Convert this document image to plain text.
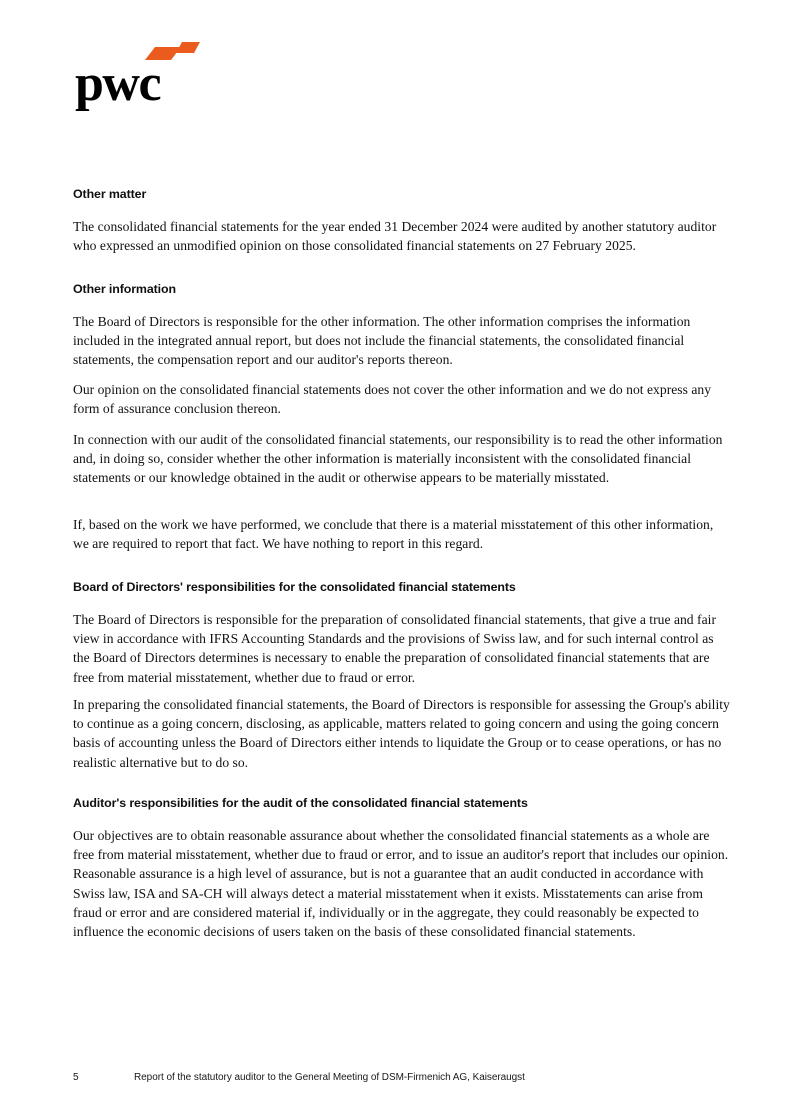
pwc
Other matter

The consolidated financial statements for the year ended 31 December 2024 were audited by another statutory auditor who expressed an unmodified opinion on those consolidated financial statements on 27 February 2025.

Other information

The Board of Directors is responsible for the other information. The other information comprises the information included in the integrated annual report, but does not include the financial statements, the consolidated financial statements, the compensation report and our auditor's reports thereon.

Our opinion on the consolidated financial statements does not cover the other information and we do not express any form of assurance conclusion thereon.

In connection with our audit of the consolidated financial statements, our responsibility is to read the other information and, in doing so, consider whether the other information is materially inconsistent with the consolidated financial statements or our knowledge obtained in the audit or otherwise appears to be materially misstated.

If, based on the work we have performed, we conclude that there is a material misstatement of this other information, we are required to report that fact. We have nothing to report in this regard.

Board of Directors' responsibilities for the consolidated financial statements

The Board of Directors is responsible for the preparation of consolidated financial statements, that give a true and fair view in accordance with IFRS Accounting Standards and the provisions of Swiss law, and for such internal control as the Board of Directors determines is necessary to enable the preparation of consolidated financial statements that are free from material misstatement, whether due to fraud or error.

In preparing the consolidated financial statements, the Board of Directors is responsible for assessing the Group's ability to continue as a going concern, disclosing, as applicable, matters related to going concern and using the going concern basis of accounting unless the Board of Directors either intends to liquidate the Group or to cease operations, or has no realistic alternative but to do so.

Auditor's responsibilities for the audit of the consolidated financial statements

Our objectives are to obtain reasonable assurance about whether the consolidated financial statements as a whole are free from material misstatement, whether due to fraud or error, and to issue an auditor's report that includes our opinion. Reasonable assurance is a high level of assurance, but is not a guarantee that an audit conducted in accordance with Swiss law, ISA and SA-CH will always detect a material misstatement when it exists. Misstatements can arise from fraud or error and are considered material if, individually or in the aggregate, they could reasonably be expected to influence the economic decisions of users taken on the basis of these consolidated financial statements.

5	Report of the statutory auditor to the General Meeting of DSM-Firmenich AG, Kaiseraugst
